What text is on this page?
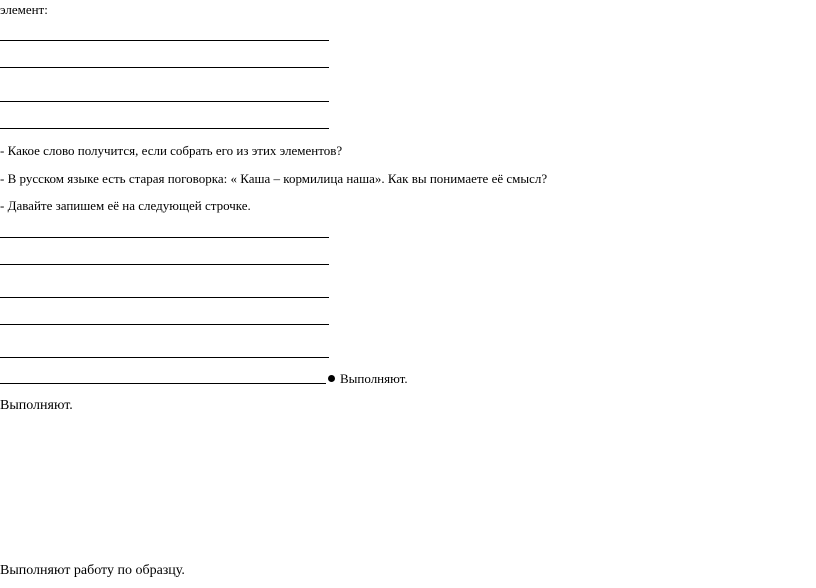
элемент:
- Какое слово получится, если собрать его из этих элементов?
- В русском языке есть старая поговорка: « Каша – кормилица наша». Как вы понимаете её смысл?
- Давайте запишем её на следующей строчке.
Выполняют.
Выполняют.
Выполняют работу по образцу.
